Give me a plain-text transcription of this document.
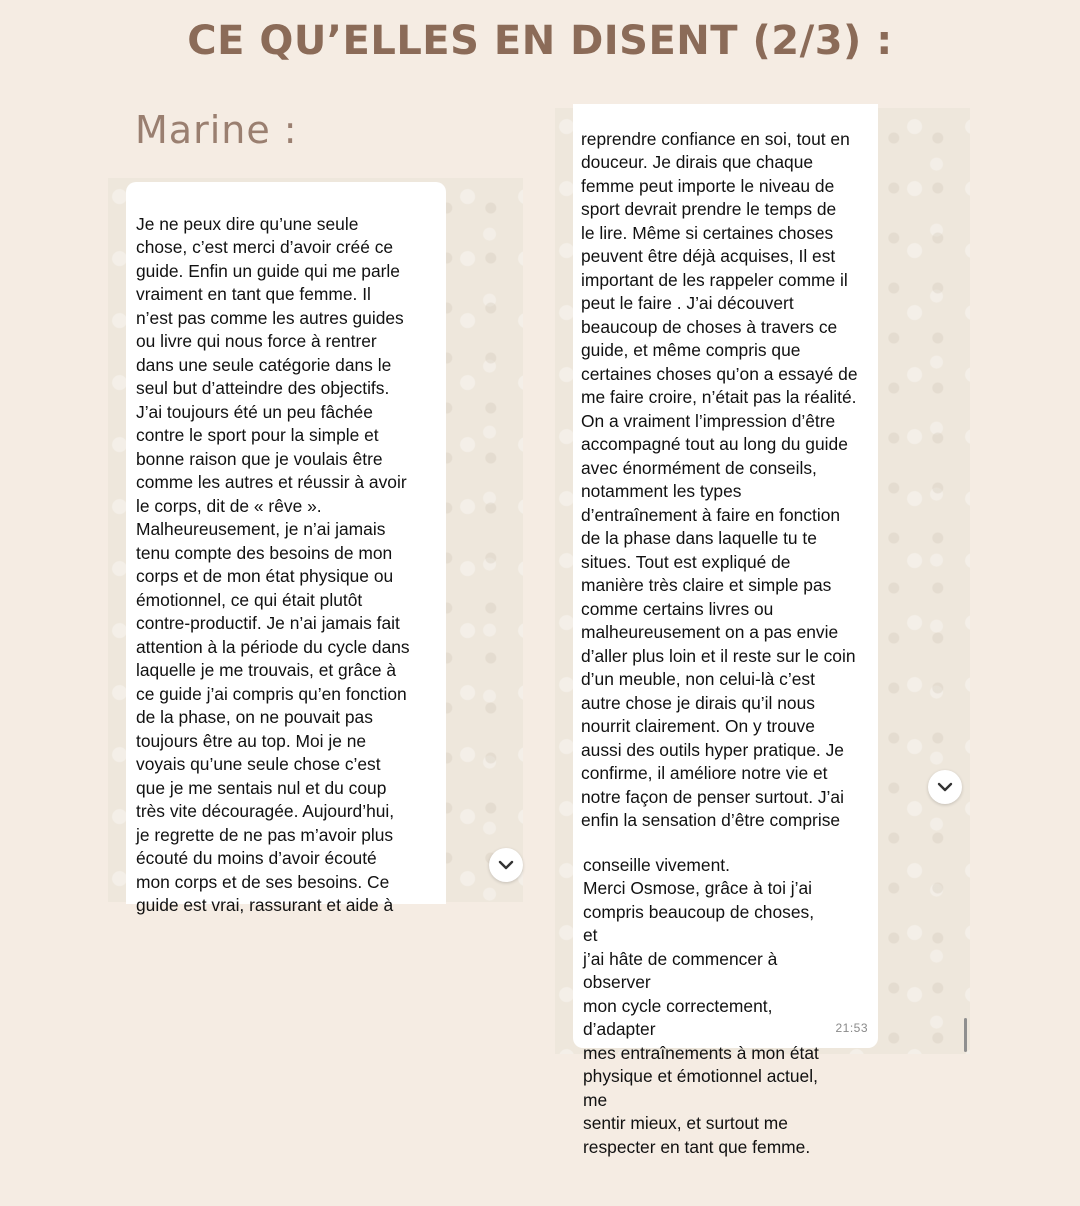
CE QU’ELLES EN DISENT (2/3) :
Marine :

Je ne peux dire qu’une seule
chose, c’est merci d’avoir créé ce
guide. Enfin un guide qui me parle
vraiment en tant que femme. Il
n’est pas comme les autres guides
ou livre qui nous force à rentrer
dans une seule catégorie dans le
seul but d’atteindre des objectifs.
J’ai toujours été un peu fâchée
contre le sport pour la simple et
bonne raison que je voulais être
comme les autres et réussir à avoir
le corps, dit de « rêve ».
Malheureusement, je n’ai jamais
tenu compte des besoins de mon
corps et de mon état physique ou
émotionnel, ce qui était plutôt
contre-productif. Je n’ai jamais fait
attention à la période du cycle dans
laquelle je me trouvais, et grâce à
ce guide j’ai compris qu’en fonction
de la phase, on ne pouvait pas
toujours être au top. Moi je ne
voyais qu’une seule chose c’est
que je me sentais nul et du coup
très vite découragée. Aujourd’hui,
je regrette de ne pas m’avoir plus
écouté du moins d’avoir écouté
mon corps et de ses besoins. Ce
guide est vrai, rassurant et aide à

reprendre confiance en soi, tout en
douceur. Je dirais que chaque
femme peut importe le niveau de
sport devrait prendre le temps de
le lire. Même si certaines choses
peuvent être déjà acquises, Il est
important de les rappeler comme il
peut le faire . J’ai découvert
beaucoup de choses à travers ce
guide, et même compris que
certaines choses qu’on a essayé de
me faire croire, n’était pas la réalité.
On a vraiment l’impression d’être
accompagné tout au long du guide
avec énormément de conseils,
notamment les types
d’entraînement à faire en fonction
de la phase dans laquelle tu te
situes. Tout est expliqué de
manière très claire et simple pas
comme certains livres ou
malheureusement on a pas envie
d’aller plus loin et il reste sur le coin
d’un meuble, non celui-là c’est
autre chose je dirais qu’il nous
nourrit clairement. On y trouve
aussi des outils hyper pratique. Je
confirme, il améliore notre vie et
notre façon de penser surtout. J’ai
enfin la sensation d’être comprise

conseille vivement.
Merci Osmose, grâce à toi j’ai
compris beaucoup de choses, et
j’ai hâte de commencer à observer
mon cycle correctement, d’adapter
mes entraînements à mon état
physique et émotionnel actuel, me
sentir mieux, et surtout me
respecter en tant que femme.

21:53
